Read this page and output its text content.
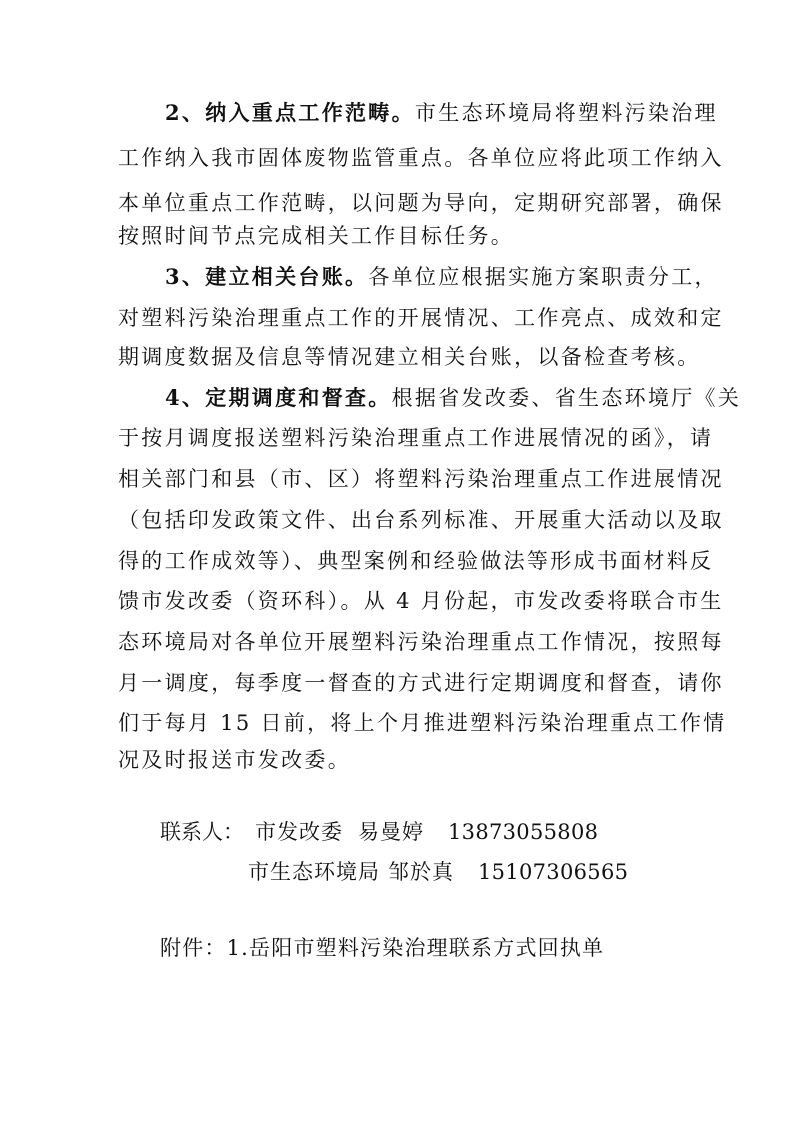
2、纳入重点工作范畴。市生态环境局将塑料污染治理
工作纳入我市固体废物监管重点。各单位应将此项工作纳入
本单位重点工作范畴，以问题为导向，定期研究部署，确保
按照时间节点完成相关工作目标任务。
3、建立相关台账。各单位应根据实施方案职责分工，
对塑料污染治理重点工作的开展情况、工作亮点、成效和定
期调度数据及信息等情况建立相关台账，以备检查考核。
4、定期调度和督查。根据省发改委、省生态环境厅《关
于按月调度报送塑料污染治理重点工作进展情况的函》，请
相关部门和县（市、区）将塑料污染治理重点工作进展情况
（包括印发政策文件、出台系列标准、开展重大活动以及取
得的工作成效等）、典型案例和经验做法等形成书面材料反
馈市发改委（资环科）。从 4 月份起，市发改委将联合市生
态环境局对各单位开展塑料污染治理重点工作情况，按照每
月一调度，每季度一督查的方式进行定期调度和督查，请你
们于每月 15 日前，将上个月推进塑料污染治理重点工作情
况及时报送市发改委。
联系人： 市发改委 易曼婷 13873055808
市生态环境局 邹於真 15107306565
附件：1.岳阳市塑料污染治理联系方式回执单
